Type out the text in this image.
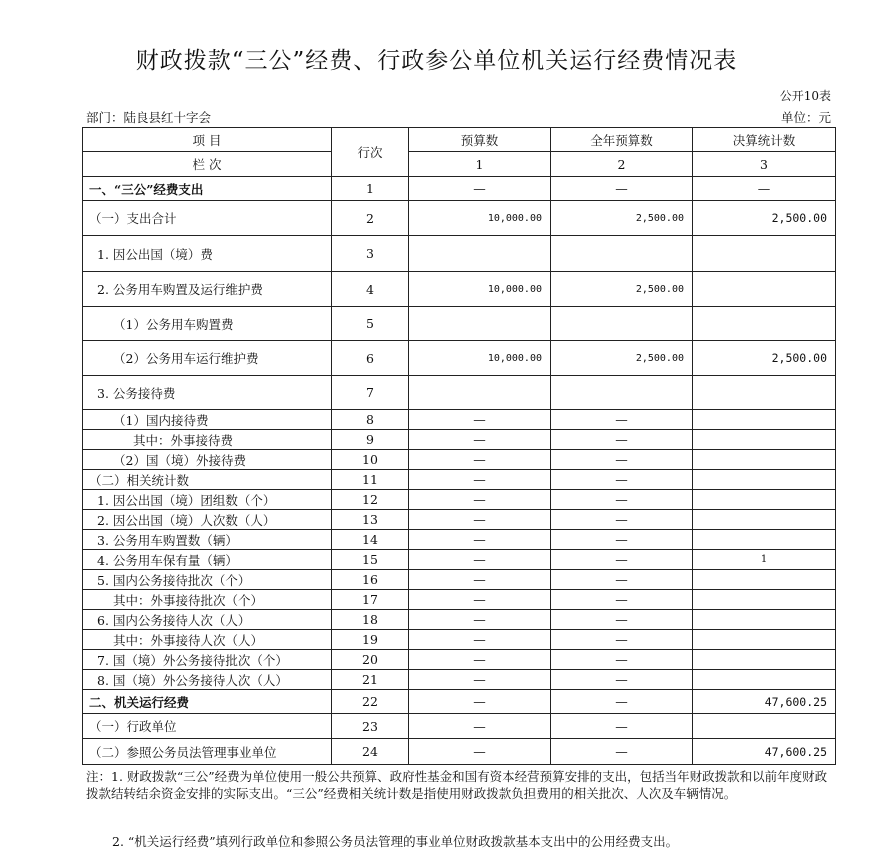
财政拨款“三公”经费、行政参公单位机关运行经费情况表
公开10表
部门：陆良县红十字会	单位：元
项 目	行次	预算数	全年预算数	决算统计数
栏 次		1	2	3
一、“三公”经费支出	1	—	—	—
（一）支出合计	2	10,000.00	2,500.00	2,500.00
1. 因公出国（境）费	3			
2. 公务用车购置及运行维护费	4	10,000.00	2,500.00	
（1）公务用车购置费	5			
（2）公务用车运行维护费	6	10,000.00	2,500.00	2,500.00
3. 公务接待费	7			
（1）国内接待费	8	—	—	
其中：外事接待费	9	—	—	
（2）国（境）外接待费	10	—	—	
（二）相关统计数	11	—	—	
1. 因公出国（境）团组数（个）	12	—	—	
2. 因公出国（境）人次数（人）	13	—	—	
3. 公务用车购置数（辆）	14	—	—	
4. 公务用车保有量（辆）	15	—	—	1
5. 国内公务接待批次（个）	16	—	—	
其中：外事接待批次（个）	17	—	—	
6. 国内公务接待人次（人）	18	—	—	
其中：外事接待人次（人）	19	—	—	
7. 国（境）外公务接待批次（个）	20	—	—	
8. 国（境）外公务接待人次（人）	21	—	—	
二、机关运行经费	22	—	—	47,600.25
（一）行政单位	23	—	—	
（二）参照公务员法管理事业单位	24	—	—	47,600.25
注：1. 财政拨款“三公”经费为单位使用一般公共预算、政府性基金和国有资本经营预算安排的支出，包括当年财政拨款和以前年度财政拨款结转结余资金安排的实际支出。“三公”经费相关统计数是指使用财政拨款负担费用的相关批次、人次及车辆情况。
2. “机关运行经费”填列行政单位和参照公务员法管理的事业单位财政拨款基本支出中的公用经费支出。
